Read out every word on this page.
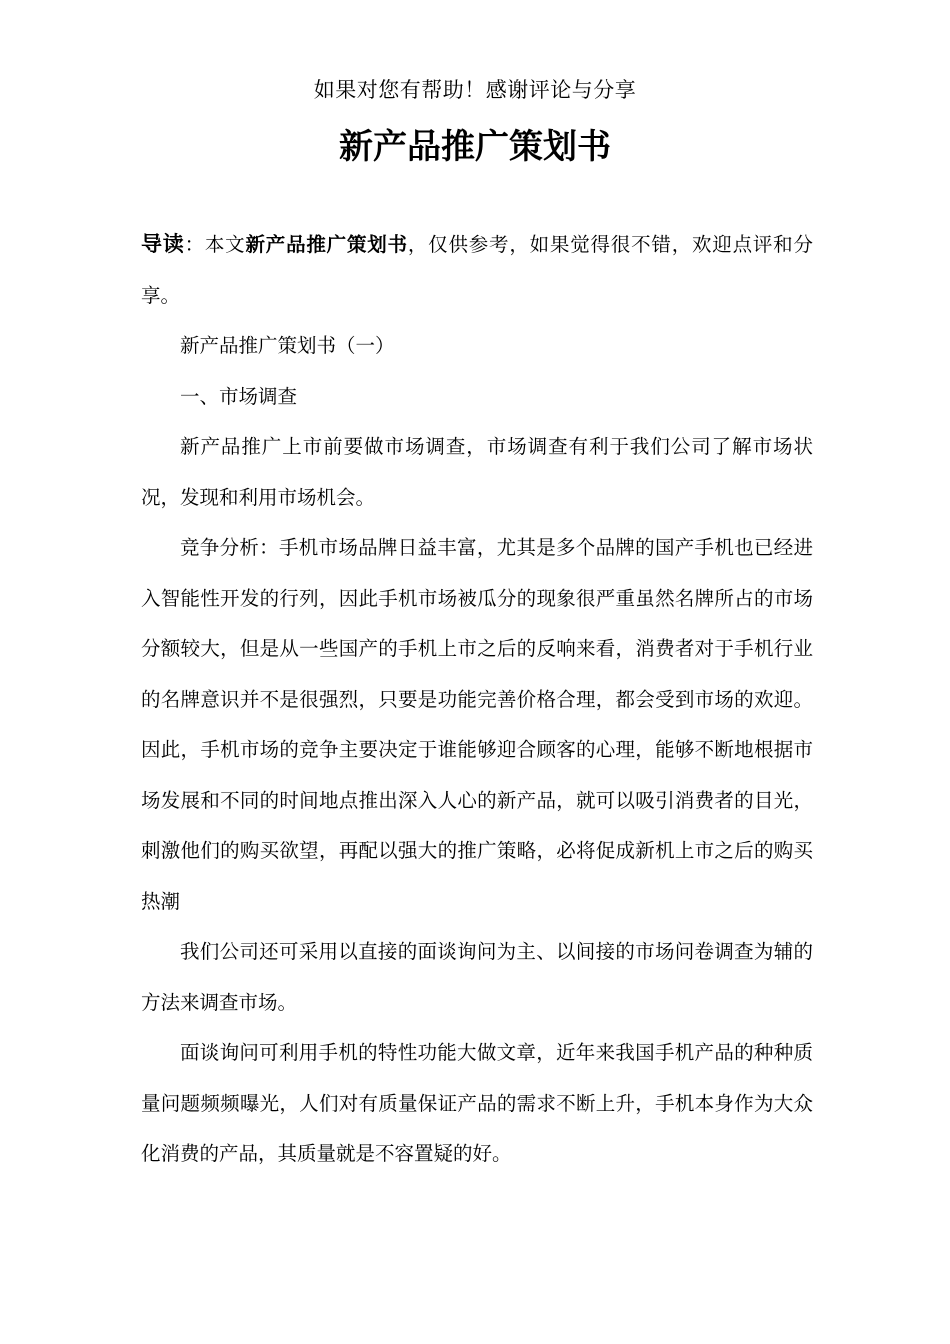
如果对您有帮助！感谢评论与分享
新产品推广策划书

导读：本文新产品推广策划书，仅供参考，如果觉得很不错，欢迎点评和分享。

新产品推广策划书（一）

一、市场调查

新产品推广上市前要做市场调查，市场调查有利于我们公司了解市场状况，发现和利用市场机会。

竞争分析：手机市场品牌日益丰富，尤其是多个品牌的国产手机也已经进入智能性开发的行列，因此手机市场被瓜分的现象很严重虽然名牌所占的市场分额较大，但是从一些国产的手机上市之后的反响来看，消费者对于手机行业的名牌意识并不是很强烈，只要是功能完善价格合理，都会受到市场的欢迎。因此，手机市场的竞争主要决定于谁能够迎合顾客的心理，能够不断地根据市场发展和不同的时间地点推出深入人心的新产品，就可以吸引消费者的目光，刺激他们的购买欲望，再配以强大的推广策略，必将促成新机上市之后的购买热潮

我们公司还可采用以直接的面谈询问为主、以间接的市场问卷调查为辅的方法来调查市场。

面谈询问可利用手机的特性功能大做文章，近年来我国手机产品的种种质量问题频频曝光，人们对有质量保证产品的需求不断上升，手机本身作为大众化消费的产品，其质量就是不容置疑的好。
